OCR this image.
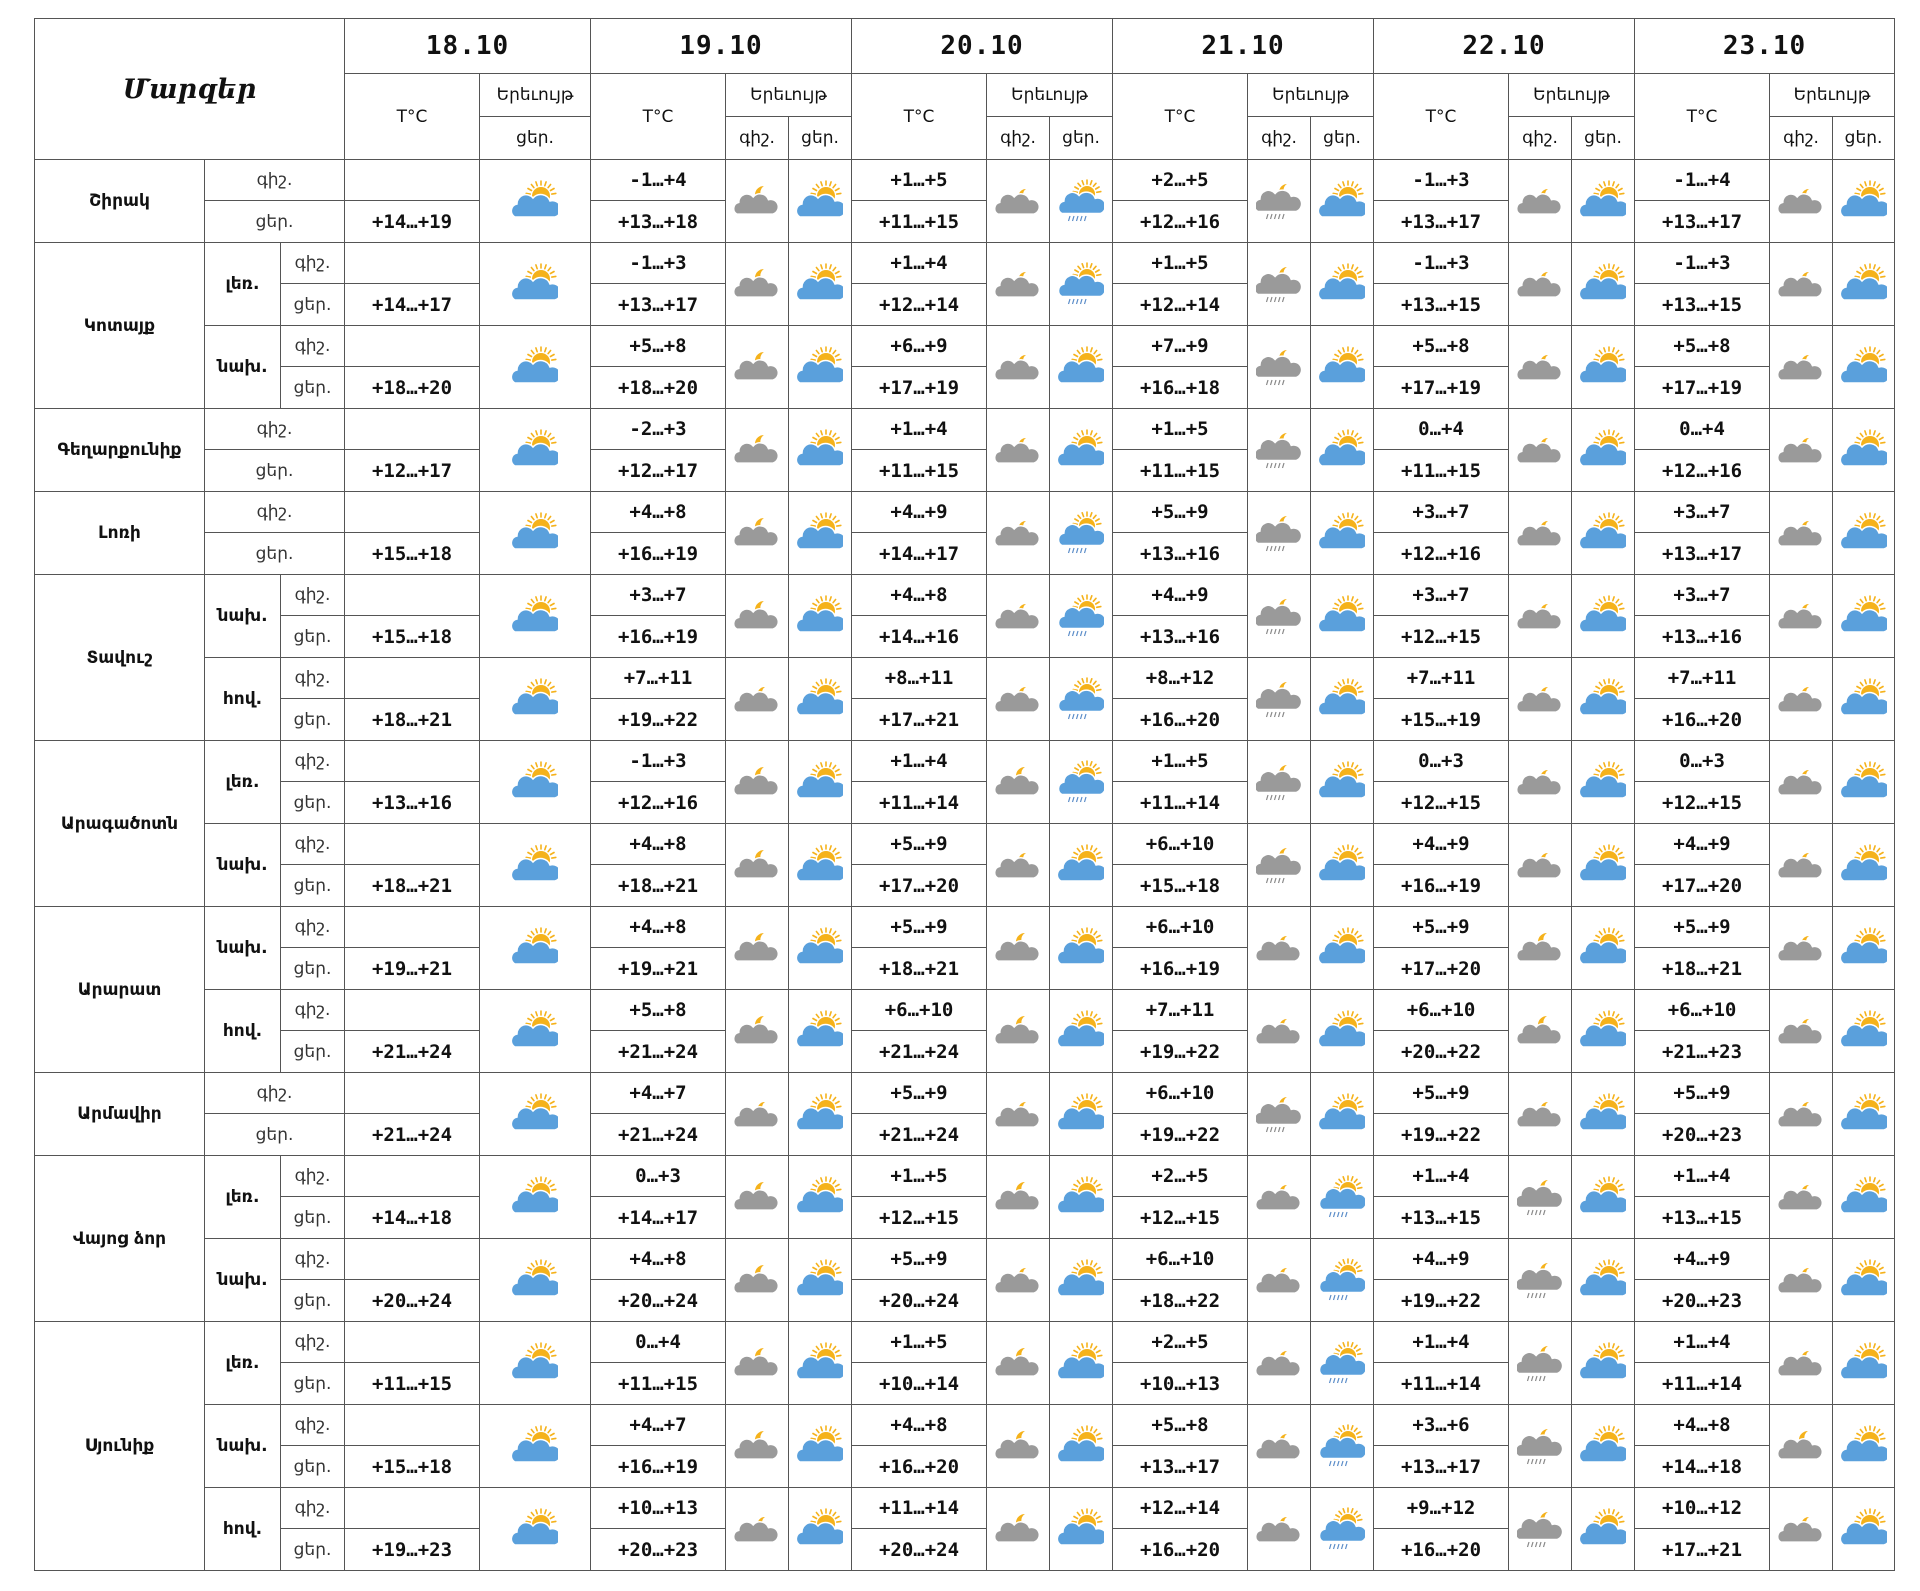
Մարզեր			18.10		19.10			20.10			21.10			22.10			23.10		
			T°C	Երեւույթ	T°C	Երեւույթ		T°C	Երեւույթ		T°C	Երեւույթ		T°C	Երեւույթ		T°C	Երեւույթ	
				ցեր.		գիշ.	ցեր.		գիշ.	ցեր.		գիշ.	ցեր.		գիշ.	ցեր.		գիշ.	ցեր.
Շիրակ	գիշ.				-1…+4			+1…+5			+2…+5			-1…+3			-1…+4	

	ցեր.		+14…+19		+13…+18			+11…+15			+12…+16			+13…+17			+13…+17		
Կոտայք	լեռ.	գիշ.			-1…+3			+1…+4			+1…+5			-1…+3			-1…+3	

		ցեր.	+14…+17		+13…+17			+12…+14			+12…+14			+13…+15			+13…+15		
	նախ.	գիշ.			+5…+8			+6…+9			+7…+9			+5…+8			+5…+8	

		ցեր.	+18…+20		+18…+20			+17…+19			+16…+18			+17…+19			+17…+19		
Գեղարքունիք	գիշ.				-2…+3			+1…+4			+1…+5			0…+4			0…+4	

	ցեր.		+12…+17		+12…+17			+11…+15			+11…+15			+11…+15			+12…+16		
Լոռի	գիշ.				+4…+8			+4…+9			+5…+9			+3…+7			+3…+7	

	ցեր.		+15…+18		+16…+19			+14…+17			+13…+16			+12…+16			+13…+17		
Տավուշ	նախ.	գիշ.			+3…+7			+4…+8			+4…+9			+3…+7			+3…+7	

		ցեր.	+15…+18		+16…+19			+14…+16			+13…+16			+12…+15			+13…+16		
	հով.	գիշ.			+7…+11			+8…+11			+8…+12			+7…+11			+7…+11	

		ցեր.	+18…+21		+19…+22			+17…+21			+16…+20			+15…+19			+16…+20		
Արագածոտն	լեռ.	գիշ.			-1…+3			+1…+4			+1…+5			0…+3			0…+3	

		ցեր.	+13…+16		+12…+16			+11…+14			+11…+14			+12…+15			+12…+15		
	նախ.	գիշ.			+4…+8			+5…+9			+6…+10			+4…+9			+4…+9	

		ցեր.	+18…+21		+18…+21			+17…+20			+15…+18			+16…+19			+17…+20		
Արարատ	նախ.	գիշ.			+4…+8			+5…+9			+6…+10			+5…+9			+5…+9	

		ցեր.	+19…+21		+19…+21			+18…+21			+16…+19			+17…+20			+18…+21		
	հով.	գիշ.			+5…+8			+6…+10			+7…+11			+6…+10			+6…+10	

		ցեր.	+21…+24		+21…+24			+21…+24			+19…+22			+20…+22			+21…+23		
Արմավիր	գիշ.				+4…+7			+5…+9			+6…+10			+5…+9			+5…+9	

	ցեր.		+21…+24		+21…+24			+21…+24			+19…+22			+19…+22			+20…+23		
Վայոց ձոր	լեռ.	գիշ.			0…+3			+1…+5			+2…+5			+1…+4			+1…+4	

		ցեր.	+14…+18		+14…+17			+12…+15			+12…+15			+13…+15			+13…+15		
	նախ.	գիշ.			+4…+8			+5…+9			+6…+10			+4…+9			+4…+9	

		ցեր.	+20…+24		+20…+24			+20…+24			+18…+22			+19…+22			+20…+23		
Սյունիք	լեռ.	գիշ.			0…+4			+1…+5			+2…+5			+1…+4			+1…+4	

		ցեր.	+11…+15		+11…+15			+10…+14			+10…+13			+11…+14			+11…+14		
	նախ.	գիշ.			+4…+7			+4…+8			+5…+8			+3…+6			+4…+8	

		ցեր.	+15…+18		+16…+19			+16…+20			+13…+17			+13…+17			+14…+18		
	հով.	գիշ.			+10…+13			+11…+14			+12…+14			+9…+12			+10…+12	

		ցեր.	+19…+23		+20…+23			+20…+24			+16…+20			+16…+20			+17…+21		
